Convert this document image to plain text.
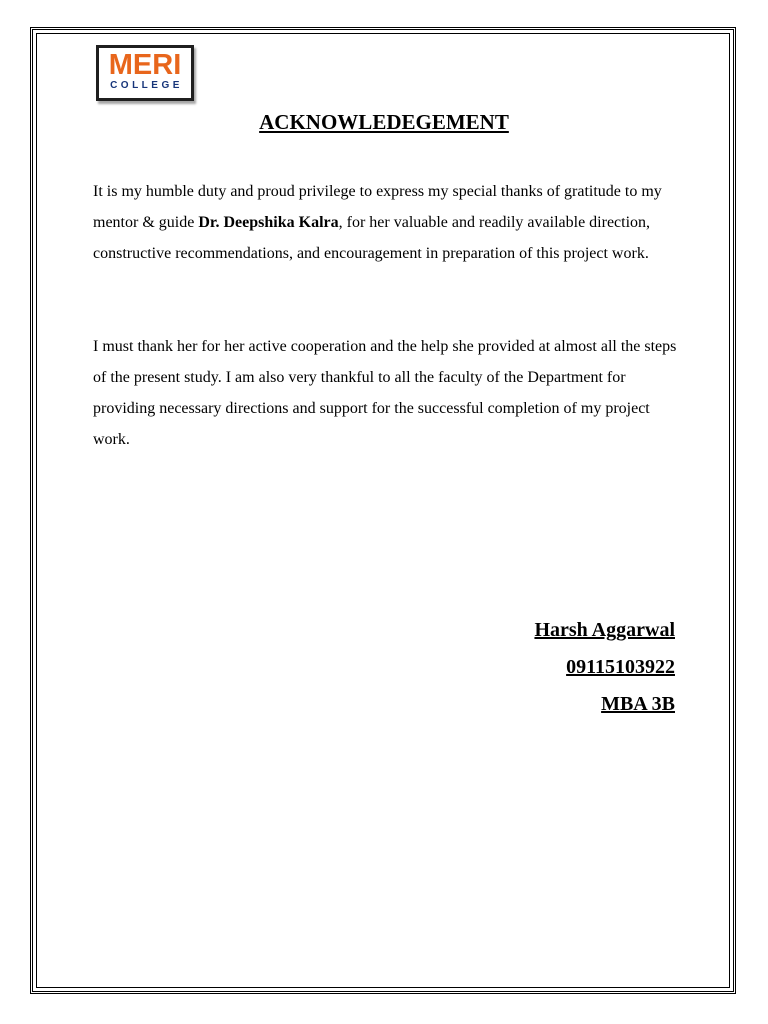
MERI
COLLEGE
ACKNOWLEDEGEMENT

It is my humble duty and proud privilege to express my special thanks of gratitude to my mentor & guide Dr. Deepshika Kalra, for her valuable and readily available direction, constructive recommendations, and encouragement in preparation of this project work.

I must thank her for her active cooperation and the help she provided at almost all the steps of the present study. I am also very thankful to all the faculty of the Department for providing necessary directions and support for the successful completion of my project work.

Harsh Aggarwal
09115103922
MBA 3B
